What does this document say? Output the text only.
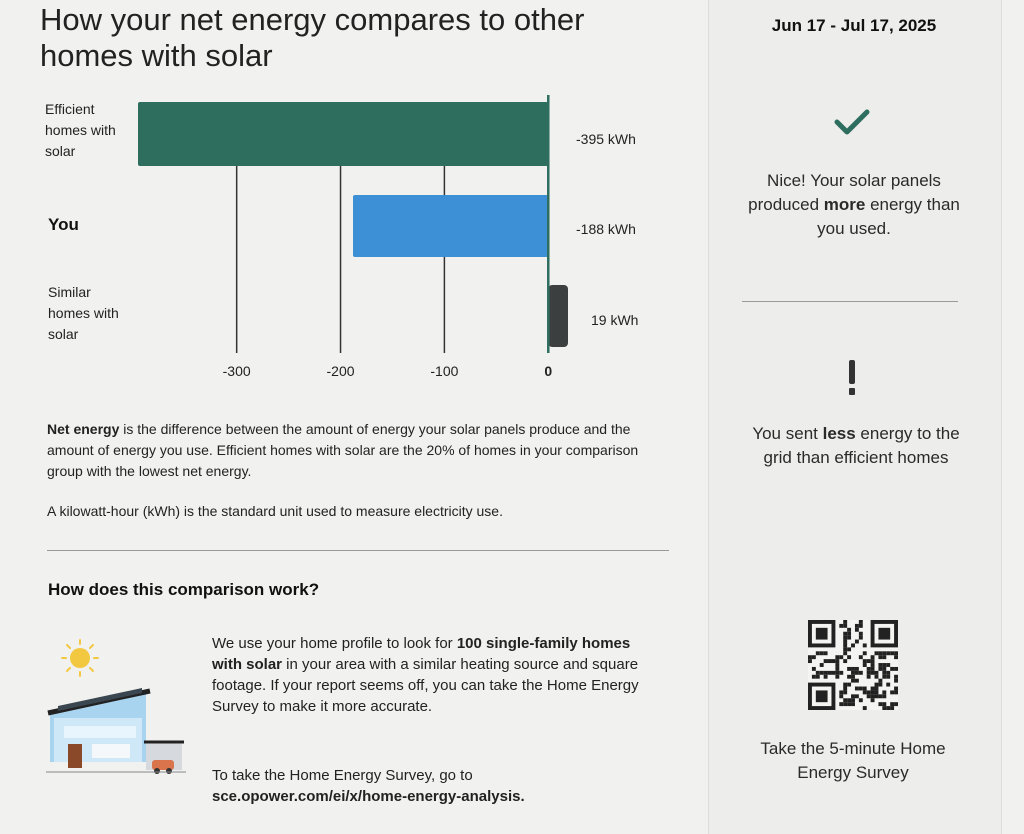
How your net energy compares to other homes with solar
Efficient homes with solar
You
Similar homes with solar
-395 kWh
-188 kWh
19 kWh
-300	-200	-100	0

Net energy is the difference between the amount of energy your solar panels produce and the amount of energy you use. Efficient homes with solar are the 20% of homes in your comparison group with the lowest net energy.

A kilowatt-hour (kWh) is the standard unit used to measure electricity use.

How does this comparison work?

We use your home profile to look for 100 single-family homes with solar in your area with a similar heating source and square footage. If your report seems off, you can take the Home Energy Survey to make it more accurate.

To take the Home Energy Survey, go to
sce.opower.com/ei/x/home-energy-analysis.

Jun 17 - Jul 17, 2025
Nice! Your solar panels produced more energy than you used.
You sent less energy to the grid than efficient homes
Take the 5-minute Home Energy Survey
